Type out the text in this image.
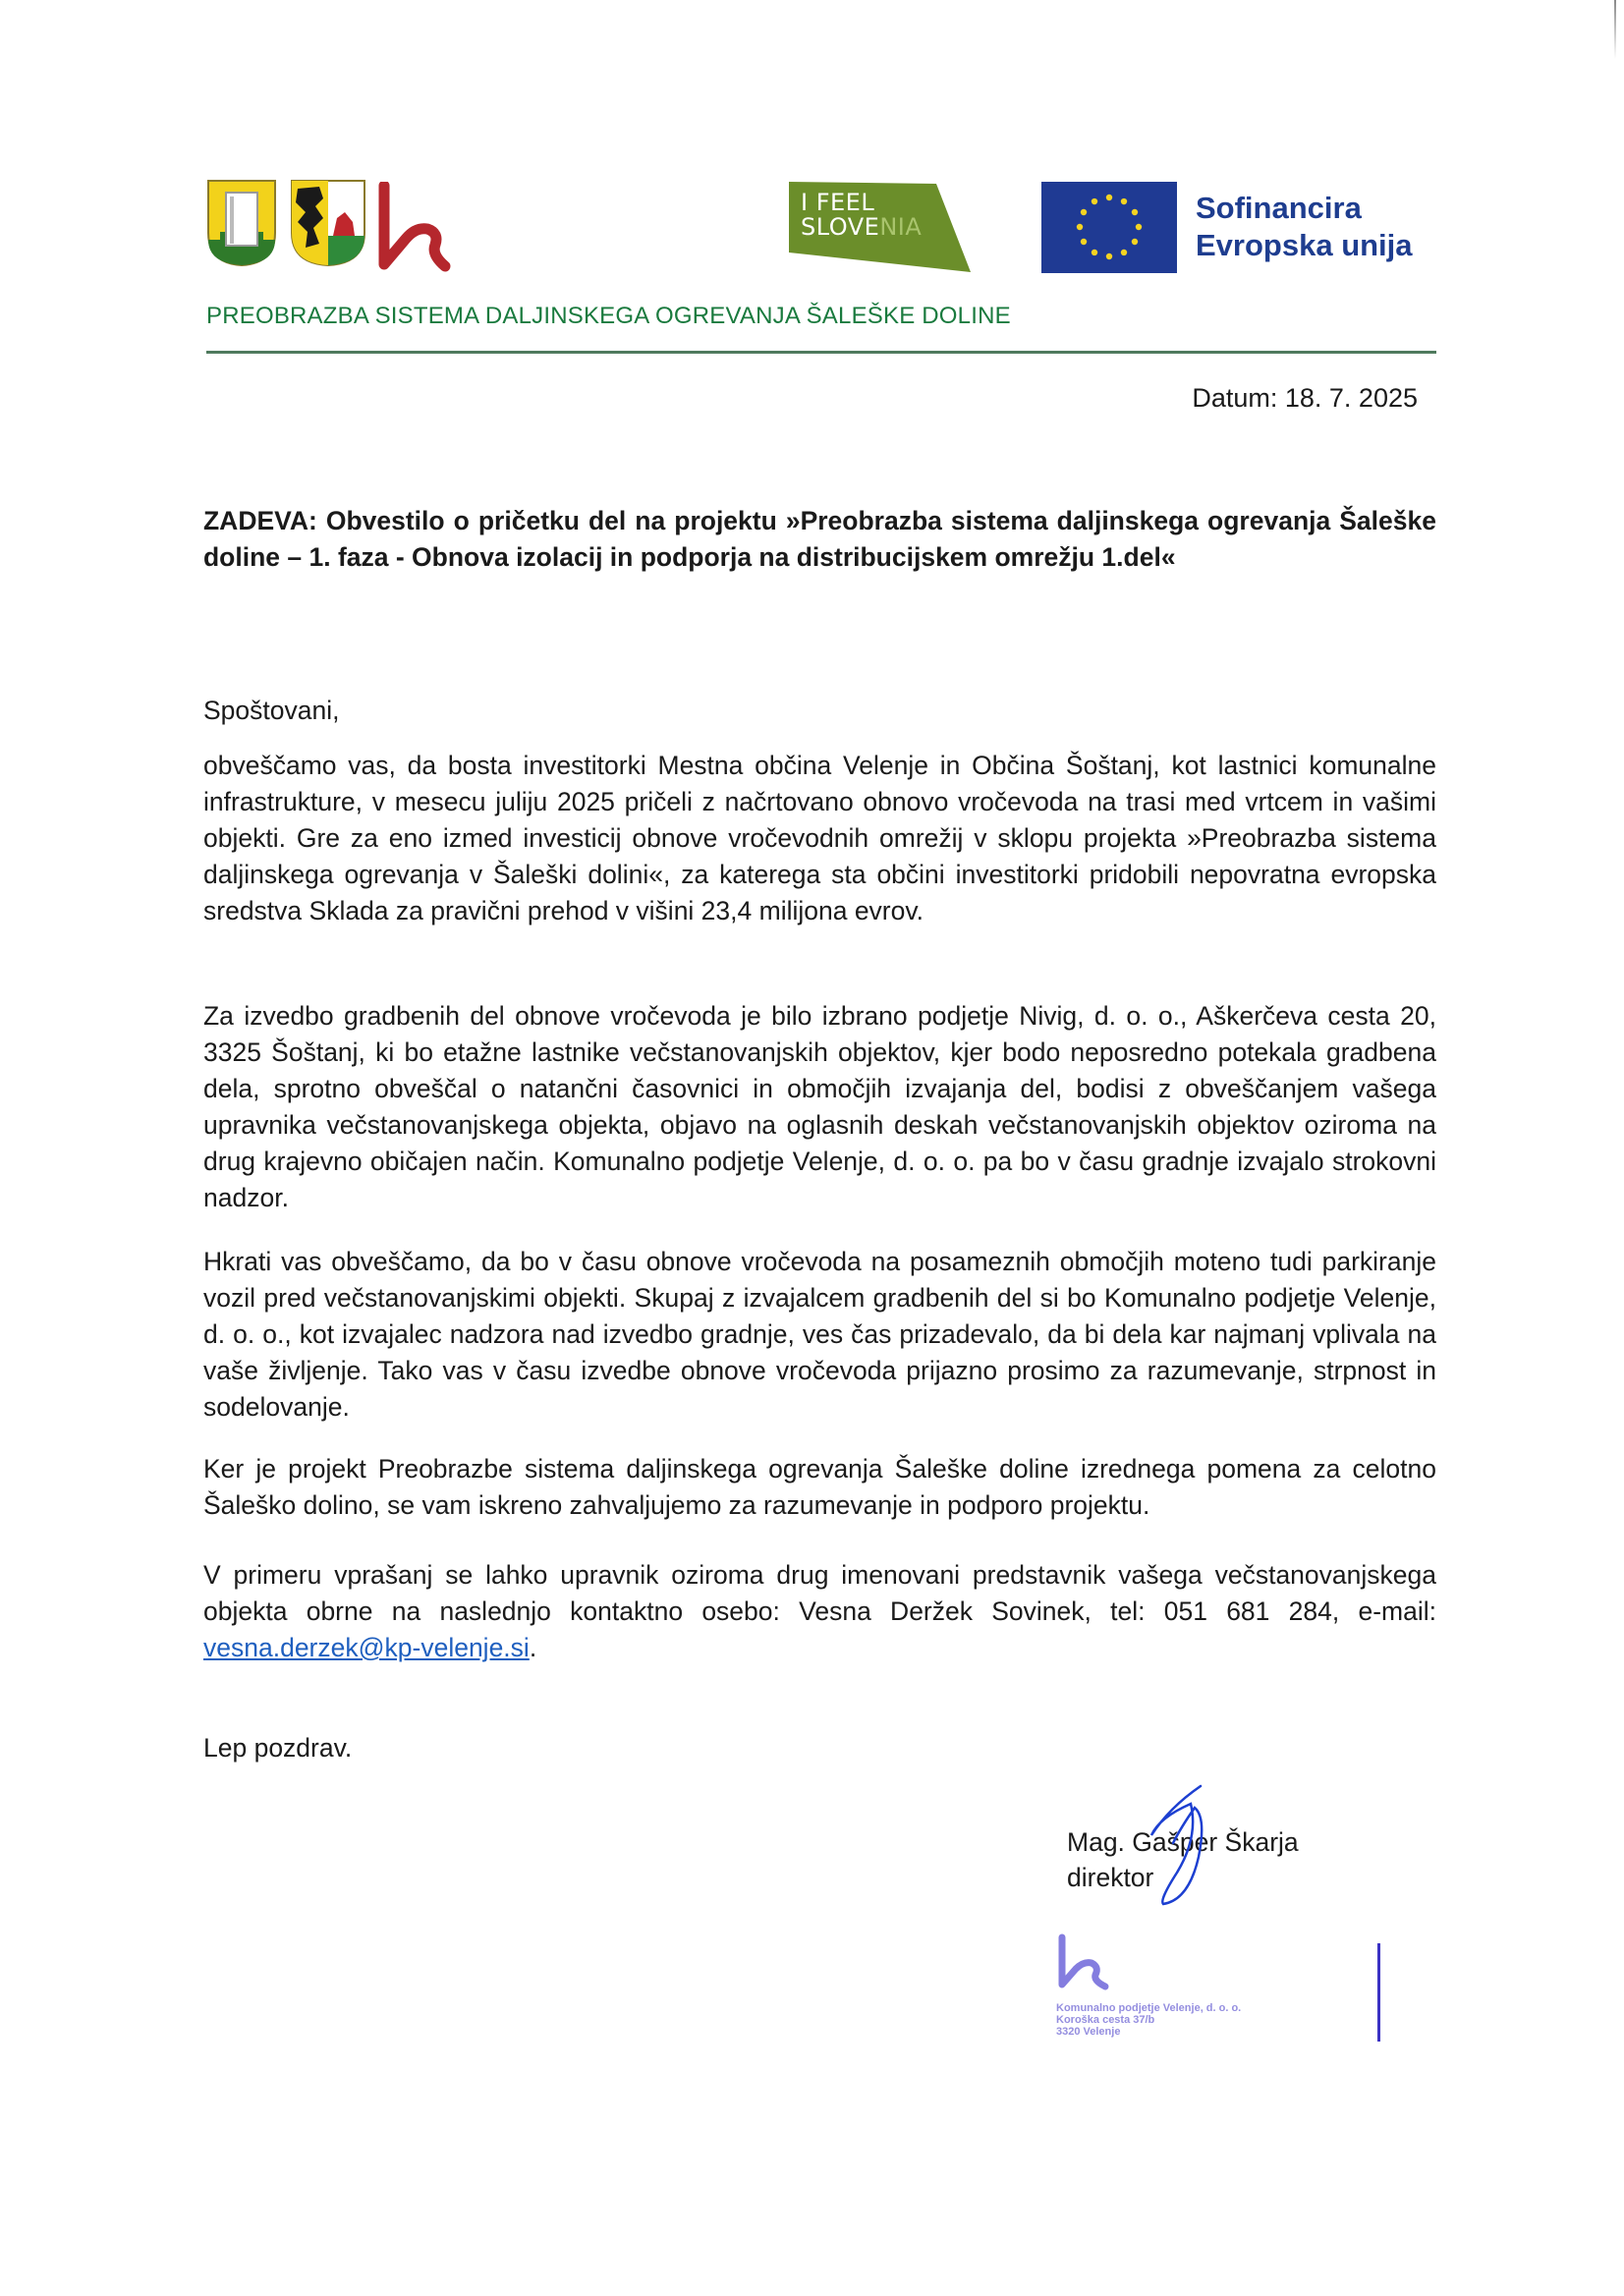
I FEEL
SLOVENIA
Sofinancira
Evropska unija
PREOBRAZBA SISTEMA DALJINSKEGA OGREVANJA ŠALEŠKE DOLINE
Datum: 18. 7. 2025
ZADEVA: Obvestilo o pričetku del na projektu »Preobrazba sistema daljinskega ogrevanja Šaleške doline – 1. faza - Obnova izolacij in podporja na distribucijskem omrežju 1.del«
Spoštovani,
obveščamo vas, da bosta investitorki Mestna občina Velenje in Občina Šoštanj, kot lastnici komunalne infrastrukture, v mesecu juliju 2025 pričeli z načrtovano obnovo vročevoda na trasi med vrtcem in vašimi objekti. Gre za eno izmed investicij obnove vročevodnih omrežij v sklopu projekta »Preobrazba sistema daljinskega ogrevanja v Šaleški dolini«, za katerega sta občini investitorki pridobili nepovratna evropska sredstva Sklada za pravični prehod v višini 23,4 milijona evrov.
Za izvedbo gradbenih del obnove vročevoda je bilo izbrano podjetje Nivig, d. o. o., Aškerčeva cesta 20, 3325 Šoštanj, ki bo etažne lastnike večstanovanjskih objektov, kjer bodo neposredno potekala gradbena dela, sprotno obveščal o natančni časovnici in območjih izvajanja del, bodisi z obveščanjem vašega upravnika večstanovanjskega objekta, objavo na oglasnih deskah večstanovanjskih objektov oziroma na drug krajevno običajen način. Komunalno podjetje Velenje, d. o. o. pa bo v času gradnje izvajalo strokovni nadzor.
Hkrati vas obveščamo, da bo v času obnove vročevoda na posameznih območjih moteno tudi parkiranje vozil pred večstanovanjskimi objekti. Skupaj z izvajalcem gradbenih del si bo Komunalno podjetje Velenje, d. o. o., kot izvajalec nadzora nad izvedbo gradnje, ves čas prizadevalo, da bi dela kar najmanj vplivala na vaše življenje. Tako vas v času izvedbe obnove vročevoda prijazno prosimo za razumevanje, strpnost in sodelovanje.
Ker je projekt Preobrazbe sistema daljinskega ogrevanja Šaleške doline izrednega pomena za celotno Šaleško dolino, se vam iskreno zahvaljujemo za razumevanje in podporo projektu.
V primeru vprašanj se lahko upravnik oziroma drug imenovani predstavnik vašega večstanovanjskega objekta obrne na naslednjo kontaktno osebo: Vesna Deržek Sovinek, tel: 051 681 284, e-mail: vesna.derzek@kp-velenje.si.
Lep pozdrav.
Mag. Gašper Škarja
direktor
Komunalno podjetje Velenje, d. o. o.
Koroška cesta 37/b
3320 Velenje
